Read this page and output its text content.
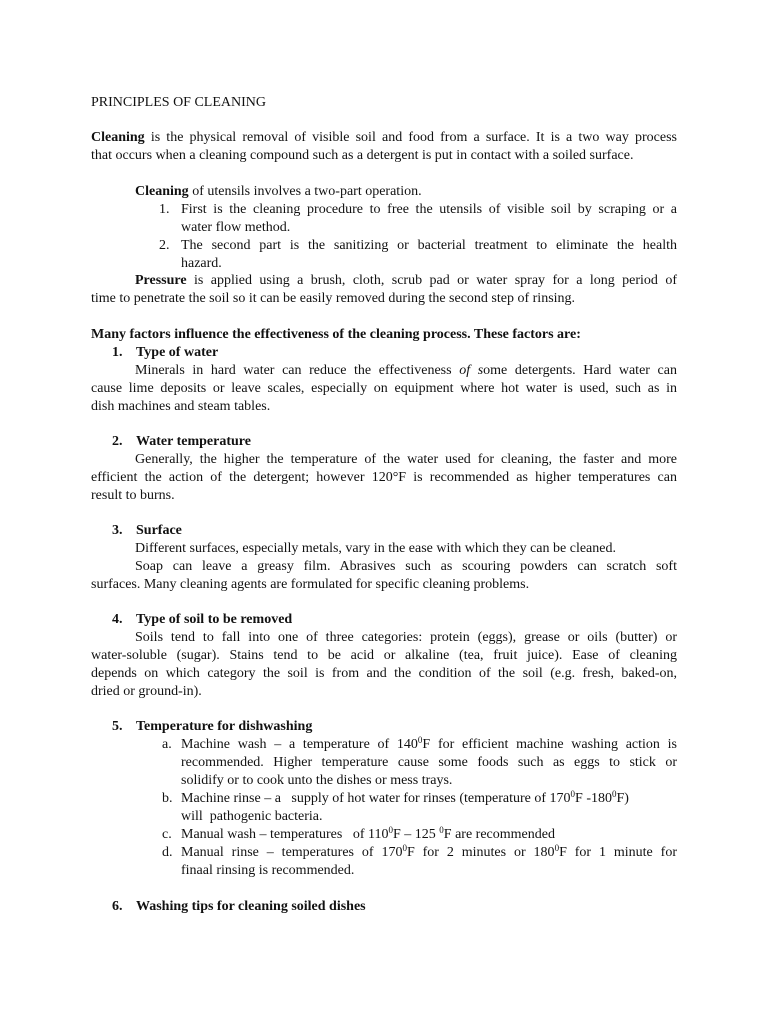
PRINCIPLES OF CLEANING

Cleaning is the physical removal of visible soil and food from a surface. It is a two way process
that occurs when a cleaning compound such as a detergent is put in contact with a soiled surface.
Cleaning of utensils involves a two-part operation.
1. First is the cleaning procedure to free the utensils of visible soil by scraping or a
water flow method.
2. The second part is the sanitizing or bacterial treatment to eliminate the health
hazard.
Pressure is applied using a brush, cloth, scrub pad or water spray for a long period of
time to penetrate the soil so it can be easily removed during the second step of rinsing.
Many factors influence the effectiveness of the cleaning process. These factors are:
1. Type of water
Minerals in hard water can reduce the effectiveness of some detergents. Hard water can
cause lime deposits or leave scales, especially on equipment where hot water is used, such as in
dish machines and steam tables.
2. Water temperature
Generally, the higher the temperature of the water used for cleaning, the faster and more
efficient the action of the detergent; however 120°F is recommended as higher temperatures can
result to burns.
3. Surface
Different surfaces, especially metals, vary in the ease with which they can be cleaned.
Soap can leave a greasy film. Abrasives such as scouring powders can scratch soft
surfaces. Many cleaning agents are formulated for specific cleaning problems.
4. Type of soil to be removed
Soils tend to fall into one of three categories: protein (eggs), grease or oils (butter) or
water-soluble (sugar). Stains tend to be acid or alkaline (tea, fruit juice). Ease of cleaning
depends on which category the soil is from and the condition of the soil (e.g. fresh, baked-on,
dried or ground-in).
5. Temperature for dishwashing
a. Machine wash – a temperature of $140^0F$ for efficient machine washing action is
recommended. Higher temperature cause some foods such as eggs to stick or
solidify or to cook unto the dishes or mess trays.
b. Machine rinse – a   supply of hot water for rinses (temperature of $170^0F$ $-180^0F$)
will  pathogenic bacteria.
c. Manual wash – temperatures   of $110^0F - 125$ $^0$F are recommended
d. Manual rinse – temperatures of $170^0F$ for 2 minutes or $180^0F$ for 1 minute for
finaal rinsing is recommended.
6. Washing tips for cleaning soiled dishes
